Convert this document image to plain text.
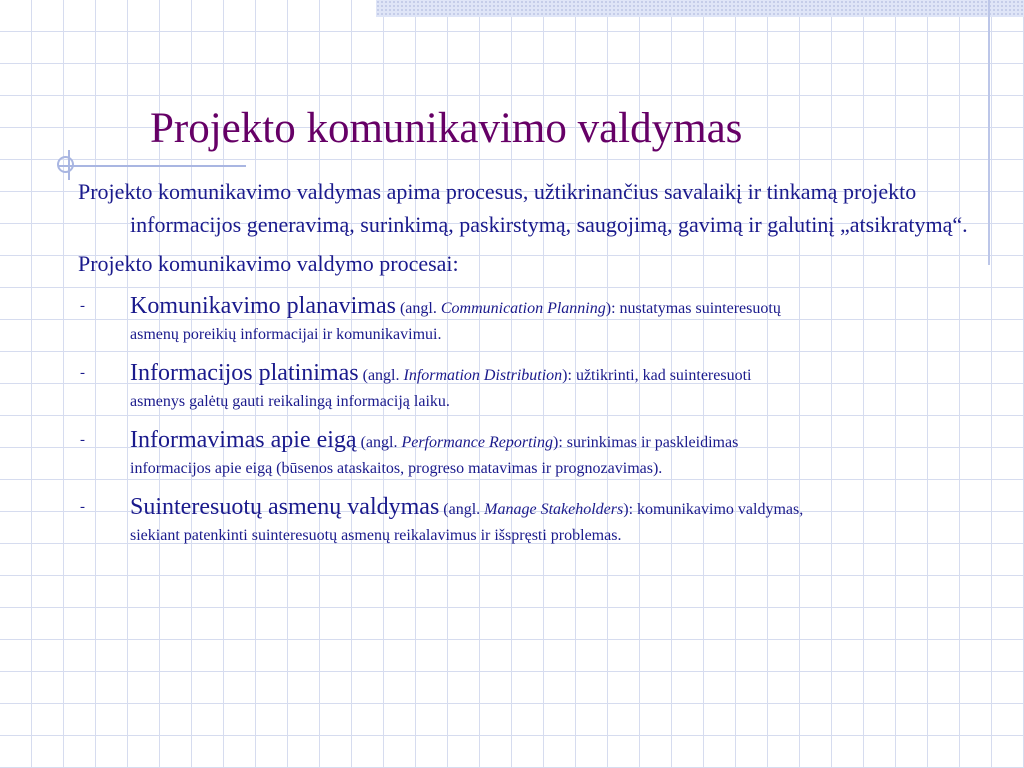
Projekto komunikavimo valdymas

Projekto komunikavimo valdymas apima procesus, užtikrinančius savalaikį ir tinkamą projekto informacijos generavimą, surinkimą, paskirstymą, saugojimą, gavimą ir galutinį „atsikratymą“.

Projekto komunikavimo valdymo procesai:
- Komunikavimo planavimas (angl. Communication Planning): nustatymas suinteresuotų
asmenų poreikių informacijai ir komunikavimui.
- Informacijos platinimas (angl. Information Distribution): užtikrinti, kad suinteresuoti
asmenys galėtų gauti reikalingą informaciją laiku.
- Informavimas apie eigą (angl. Performance Reporting): surinkimas ir paskleidimas
informacijos apie eigą (būsenos ataskaitos, progreso matavimas ir prognozavimas).
- Suinteresuotų asmenų valdymas (angl. Manage Stakeholders): komunikavimo valdymas,
siekiant patenkinti suinteresuotų asmenų reikalavimus ir išspręsti problemas.
